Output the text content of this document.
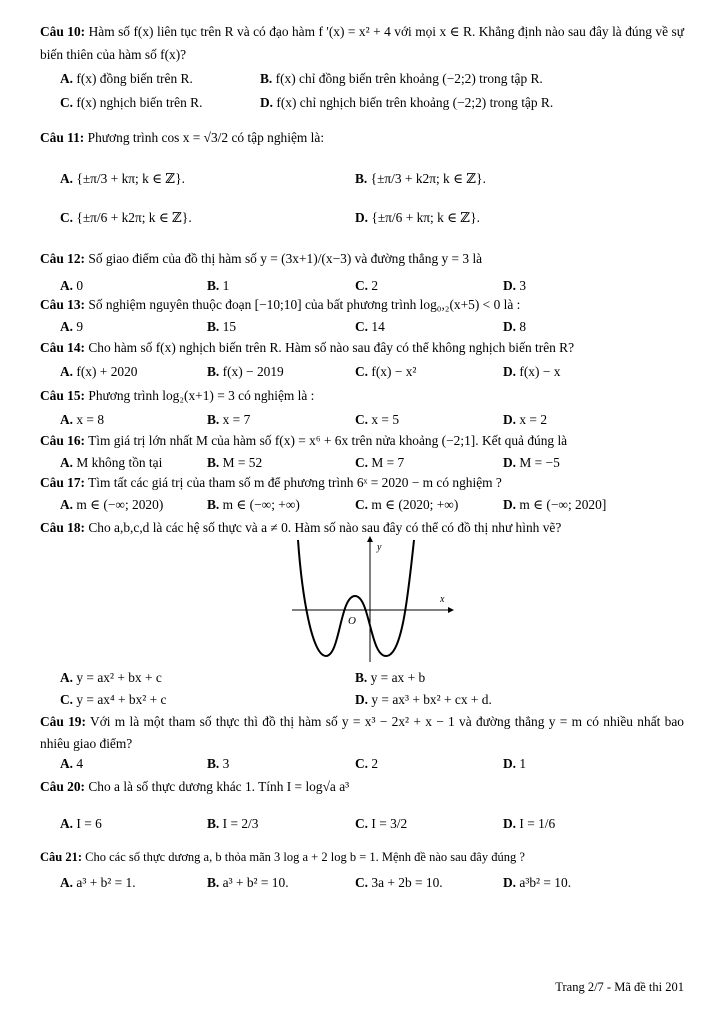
Câu 10: Hàm số f(x) liên tục trên R và có đạo hàm f '(x) = x² + 4 với mọi x ∈ R. Khẳng định nào sau đây là đúng về sự biến thiên của hàm số f(x)?
A. f(x) đồng biến trên R.	B. f(x) chỉ đồng biến trên khoảng (−2;2) trong tập R.
C. f(x) nghịch biến trên R.	D. f(x) chỉ nghịch biến trên khoảng (−2;2) trong tập R.
Câu 11: Phương trình cos x = √3/2 có tập nghiệm là:
A. {±π/3 + kπ; k ∈ ℤ}.	B. {±π/3 + k2π; k ∈ ℤ}.
C. {±π/6 + k2π; k ∈ ℤ}.	D. {±π/6 + kπ; k ∈ ℤ}.
Câu 12: Số giao điểm của đồ thị hàm số y = (3x+1)/(x−3) và đường thẳng y = 3 là
A. 0	B. 1	C. 2	D. 3
Câu 13: Số nghiệm nguyên thuộc đoạn [−10;10] của bất phương trình log₀,₂(x+5) < 0 là :
A. 9	B. 15	C. 14	D. 8
Câu 14: Cho hàm số f(x) nghịch biến trên R. Hàm số nào sau đây có thể không nghịch biến trên R?
A. f(x) + 2020	B. f(x) − 2019	C. f(x) − x²	D. f(x) − x
Câu 15: Phương trình log₂(x+1) = 3 có nghiệm là :
A. x = 8	B. x = 7	C. x = 5	D. x = 2
Câu 16: Tìm giá trị lớn nhất M của hàm số f(x) = x⁶ + 6x trên nửa khoảng (−2;1]. Kết quả đúng là
A. M không tồn tại	B. M = 52	C. M = 7	D. M = −5
Câu 17: Tìm tất các giá trị của tham số m để phương trình 6ˣ = 2020 − m có nghiệm ?
A. m ∈ (−∞; 2020)	B. m ∈ (−∞; +∞)	C. m ∈ (2020; +∞)	D. m ∈ (−∞; 2020]
Câu 18: Cho a,b,c,d là các hệ số thực và a ≠ 0. Hàm số nào sau đây có thể có đồ thị như hình vẽ?
y
x
O
A. y = ax² + bx + c	B. y = ax + b
C. y = ax⁴ + bx² + c	D. y = ax³ + bx² + cx + d.
Câu 19: Với m là một tham số thực thì đồ thị hàm số y = x³ − 2x² + x − 1 và đường thẳng y = m có nhiều nhất bao nhiêu giao điểm?
A. 4	B. 3	C. 2	D. 1
Câu 20: Cho a là số thực dương khác 1. Tính I = log√a a³
A. I = 6	B. I = 2/3	C. I = 3/2	D. I = 1/6
Câu 21: Cho các số thực dương a, b thỏa mãn 3 log a + 2 log b = 1. Mệnh đề nào sau đây đúng ?
A. a³ + b² = 1.	B. a³ + b² = 10.	C. 3a + 2b = 10.	D. a³b² = 10.
Trang 2/7 - Mã đề thi 201
